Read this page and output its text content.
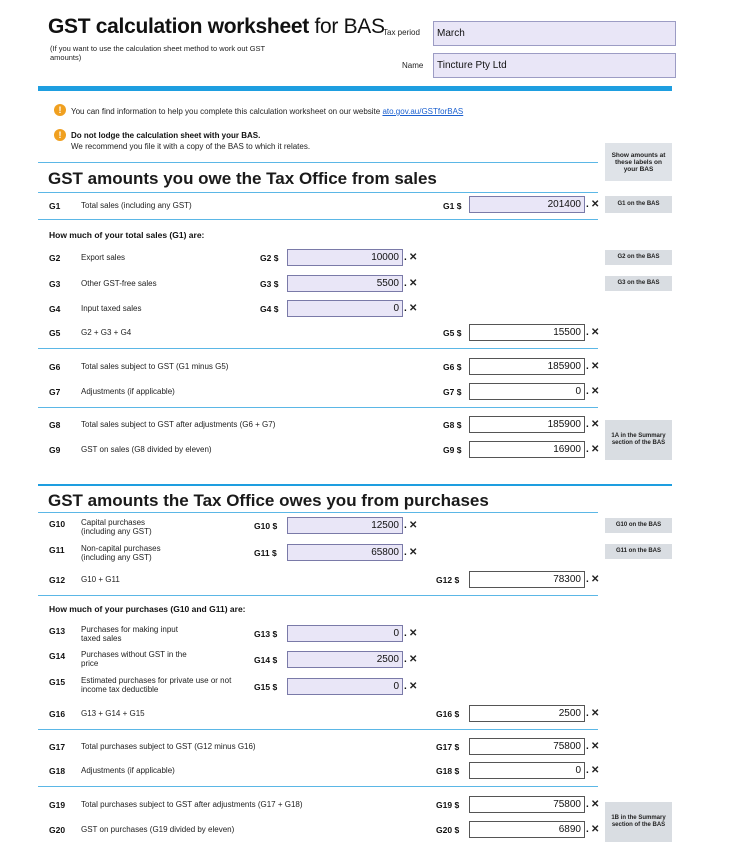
GST calculation worksheet for BAS
(If you want to use the calculation sheet method to work out GST amounts)
Tax period	March
Name	Tincture Pty Ltd
!	You can find information to help you complete this calculation worksheet on our website ato.gov.au/GSTforBAS
!	Do not lodge the calculation sheet with your BAS.
We recommend you file it with a copy of the BAS to which it relates.
Show amounts at these labels on your BAS
GST amounts you owe the Tax Office from sales
G1	Total sales (including any GST)	G1 $	201400 . ✕	G1 on the BAS
How much of your total sales (G1) are:
G2	Export sales	G2 $	10000 . ✕	G2 on the BAS
G3	Other GST-free sales	G3 $	5500 . ✕	G3 on the BAS
G4	Input taxed sales	G4 $	0 . ✕
G5	G2 + G3 + G4	G5 $	15500 . ✕
G6	Total sales subject to GST (G1 minus G5)	G6 $	185900 . ✕
G7	Adjustments (if applicable)	G7 $	0 . ✕
G8	Total sales subject to GST after adjustments (G6 + G7)	G8 $	185900 . ✕
G9	GST on sales (G8 divided by eleven)	G9 $	16900 . ✕
1A in the Summary section of the BAS
GST amounts the Tax Office owes you from purchases
G10 Capital purchases (including any GST)
G10 $	12500 . ✕	G10 on the BAS
G11 Non-capital purchases (including any GST)	G11 $	65800 . ✕	G11 on the BAS
G12 G10 + G11	G12 $	78300 . ✕
How much of your purchases (G10 and G11) are:
G13 Purchases for making input taxed sales	G13 $	0 . ✕
G14 Purchases without GST in the price	G14 $	2500 . ✕
G15 Estimated purchases for private use or not income tax deductible	G15 $	0 . ✕
G16 G13 + G14 + G15	G16 $	2500 . ✕
G17 Total purchases subject to GST (G12 minus G16)	G17 $	75800 . ✕
G18 Adjustments (if applicable)	G18 $	0 . ✕
G19 Total purchases subject to GST after adjustments (G17 + G18)	G19 $	75800 . ✕
G20 GST on purchases (G19 divided by eleven)	G20 $	6890 . ✕
1B in the Summary section of the BAS
